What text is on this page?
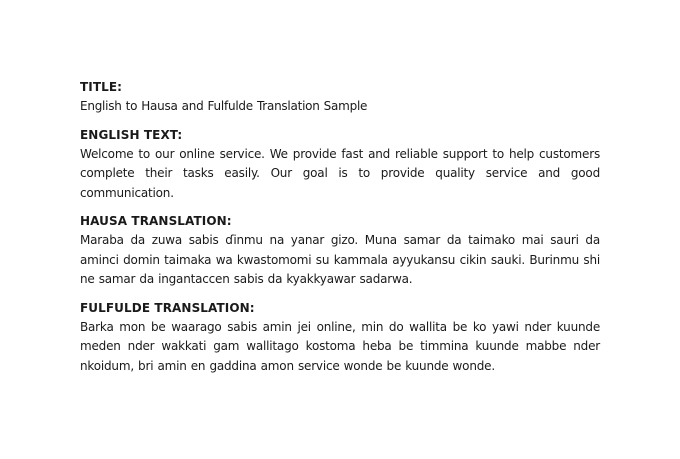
TITLE:

English to Hausa and Fulfulde Translation Sample

ENGLISH TEXT:

Welcome to our online service. We provide fast and reliable support to help customers complete their tasks easily. Our goal is to provide quality service and good communication.

HAUSA TRANSLATION:

Maraba da zuwa sabis ɗinmu na yanar gizo. Muna samar da taimako mai sauri da aminci domin taimaka wa kwastomomi su kammala ayyukansu cikin sauki. Burinmu shi ne samar da ingantaccen sabis da kyakkyawar sadarwa.

FULFULDE TRANSLATION:

Barka mon be waarago sabis amin jei online, min do wallita be ko yawi nder kuunde meden nder wakkati gam wallitago kostoma heba be timmina kuunde mabbe nder nkoidum, bri amin en gaddina amon service wonde be kuunde wonde.
